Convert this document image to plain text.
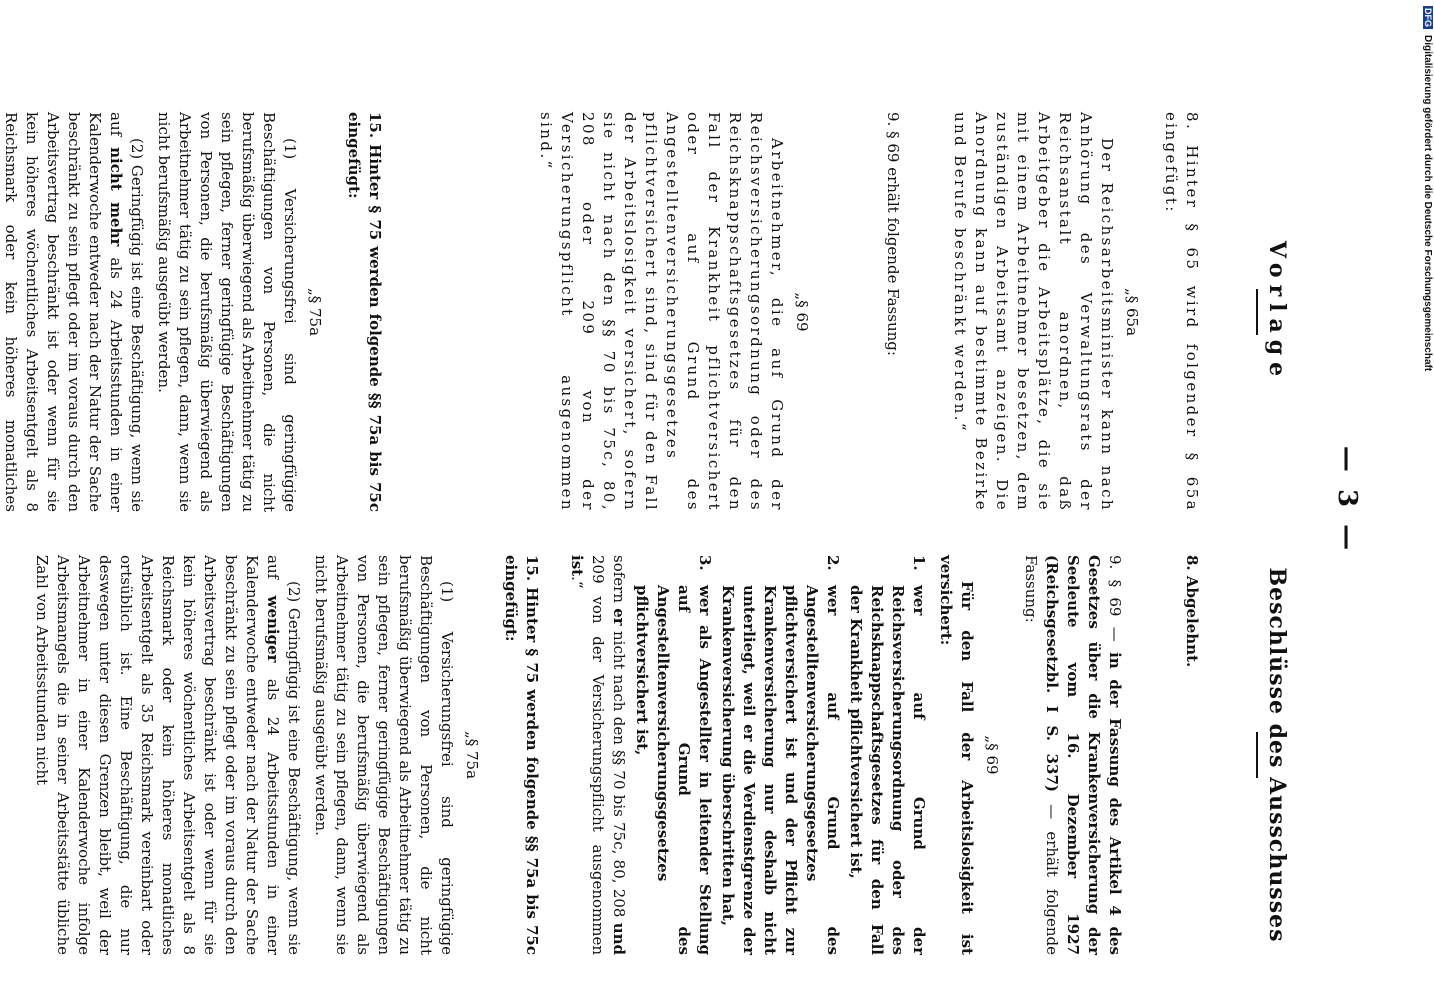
— 3 —
Vorlage

8. Hinter § 65 wird folgender § 65a eingefügt:

„§ 65a

Der Reichsarbeitsminister kann nach Anhörung des Verwaltungsrats der Reichsanstalt anordnen, daß Arbeitgeber die Arbeitsplätze, die sie mit einem Arbeitnehmer besetzen, dem zuständigen Arbeitsamt anzeigen. Die Anordnung kann auf bestimmte Bezirke und Berufe beschränkt werden.“

9. § 69 erhält folgende Fassung:

„§ 69

Arbeitnehmer, die auf Grund der Reichsversicherungsordnung oder des Reichsknappschaftsgesetzes für den Fall der Krankheit pflichtversichert oder auf Grund des Angestelltenversicherungsgesetzes pflichtversichert sind, sind für den Fall der Arbeitslosigkeit versichert, sofern sie nicht nach den §§ 70 bis 75c, 80, 208 oder 209 von der Versicherungspflicht ausgenommen sind.“

15. Hinter § 75 werden folgende §§ 75a bis 75c eingefügt:

„§ 75a

(1) Versicherungsfrei sind geringfügige Beschäftigungen von Personen, die nicht berufsmäßig überwiegend als Arbeitnehmer tätig zu sein pflegen, ferner geringfügige Beschäftigungen von Personen, die berufsmäßig überwiegend als Arbeitnehmer tätig zu sein pflegen, dann, wenn sie nicht berufsmäßig ausgeübt werden.

(2) Geringfügig ist eine Beschäftigung, wenn sie auf nicht mehr als 24 Arbeitsstunden in einer Kalenderwoche entweder nach der Natur der Sache beschränkt zu sein pflegt oder im voraus durch den Arbeitsvertrag beschränkt ist oder wenn für sie kein höheres wöchentliches Arbeitsentgelt als 8 Reichsmark oder kein höheres monatliches

Beschlüsse des Ausschusses

8. Abgelehnt.

9. § 69 — in der Fassung des Artikel 4 des Gesetzes über die Krankenversicherung der Seeleute vom 16. Dezember 1927 (Reichsgesetzbl. I S. 337) — erhält folgende Fassung:

„§ 69

Für den Fall der Arbeitslosigkeit ist versichert:

1.
wer auf Grund der Reichsversicherungsordnung oder des Reichsknappschaftsgesetzes für den Fall der Krankheit pflichtversichert ist,
2.
wer auf Grund des Angestelltenversicherungsgesetzes pflichtversichert ist und der Pflicht zur Krankenversicherung nur deshalb nicht unterliegt, weil er die Verdienstgrenze der Krankenversicherung überschritten hat,
3.
wer als Angestellter in leitender Stellung auf Grund des Angestelltenversicherungsgesetzes pflichtversichert ist,

sofern er nicht nach den §§ 70 bis 75c, 80, 208 und 209 von der Versicherungspflicht ausgenommen ist.“

15. Hinter § 75 werden folgende §§ 75a bis 75c eingefügt:

„§ 75a

(1) Versicherungsfrei sind geringfügige Beschäftigungen von Personen, die nicht berufsmäßig überwiegend als Arbeitnehmer tätig zu sein pflegen, ferner geringfügige Beschäftigungen von Personen, die berufsmäßig überwiegend als Arbeitnehmer tätig zu sein pflegen, dann, wenn sie nicht berufsmäßig ausgeübt werden.

(2) Geringfügig ist eine Beschäftigung, wenn sie auf weniger als 24 Arbeitsstunden in einer Kalenderwoche entweder nach der Natur der Sache beschränkt zu sein pflegt oder im voraus durch den Arbeitsvertrag beschränkt ist oder wenn für sie kein höheres wöchentliches Arbeitsentgelt als 8 Reichsmark oder kein höheres monatliches Arbeitsentgelt als 35 Reichsmark vereinbart oder ortsüblich ist. Eine Beschäftigung, die nur deswegen unter diesen Grenzen bleibt, weil der Arbeitnehmer in einer Kalenderwoche infolge Arbeitsmangels die in seiner Arbeitsstätte übliche Zahl von Arbeitsstunden nicht

DFGDigitalisierung gefördert durch die Deutsche Forschungsgemeinschaft
